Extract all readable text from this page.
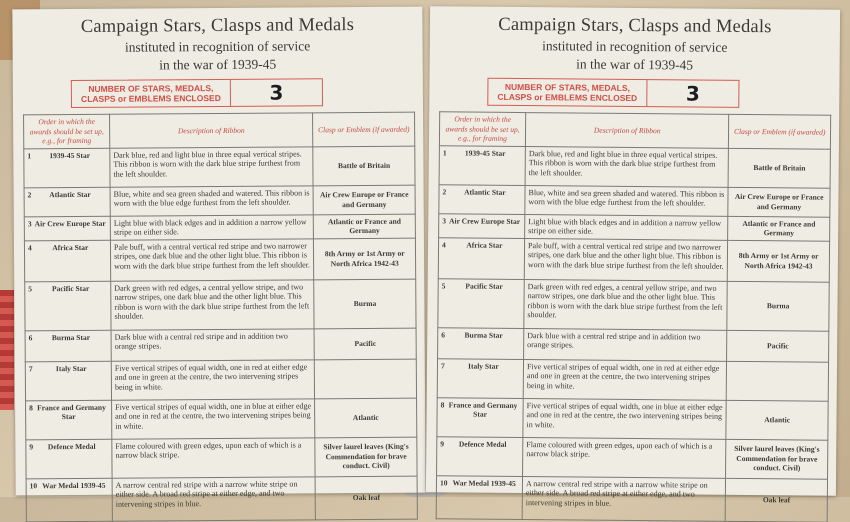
Campaign Stars, Clasps and Medals
instituted in recognition of service
in the war of 1939-45
NUMBER OF STARS, MEDALS, CLASPS or EMBLEMS ENCLOSED	3
Order in which the awards should be set up, e.g., for framing	Description of Ribbon	Clasp or Emblem (if awarded)

1 1939-45 Star	Dark blue, red and light blue in three equal vertical stripes. This ribbon is worn with the dark blue stripe furthest from the left shoulder.	Battle of Britain

2 Atlantic Star	Blue, white and sea green shaded and watered. This ribbon is worn with the blue edge furthest from the left shoulder.	Air Crew Europe or France and Germany

3 Air Crew Europe Star	Light blue with black edges and in addition a narrow yellow stripe on either side.	Atlantic or France and Germany

4 Africa Star	Pale buff, with a central vertical red stripe and two narrower stripes, one dark blue and the other light blue. This ribbon is worn with the dark blue stripe furthest from the left shoulder.	8th Army or 1st Army or North Africa 1942-43

5 Pacific Star	Dark green with red edges, a central yellow stripe, and two narrow stripes, one dark blue and the other light blue. This ribbon is worn with the dark blue stripe furthest from the left shoulder.	Burma

6 Burma Star	Dark blue with a central red stripe and in addition two orange stripes.	Pacific

7 Italy Star	Five vertical stripes of equal width, one in red at either edge and one in green at the centre, the two intervening stripes being in white.	

8 France and Germany Star	Five vertical stripes of equal width, one in blue at either edge and one in red at the centre, the two intervening stripes being in white.	Atlantic

9 Defence Medal	Flame coloured with green edges, upon each of which is a narrow black stripe.	Silver laurel leaves (King's Commendation for brave conduct. Civil)

10 War Medal 1939-45	A narrow central red stripe with a narrow white stripe on either side. A broad red stripe at either edge, and two intervening stripes in blue.	Oak leaf
Campaign Stars, Clasps and Medals
instituted in recognition of service
in the war of 1939-45
NUMBER OF STARS, MEDALS, CLASPS or EMBLEMS ENCLOSED	3
Order in which the awards should be set up, e.g., for framing	Description of Ribbon	Clasp or Emblem (if awarded)

1 1939-45 Star	Dark blue, red and light blue in three equal vertical stripes. This ribbon is worn with the dark blue stripe furthest from the left shoulder.	Battle of Britain

2 Atlantic Star	Blue, white and sea green shaded and watered. This ribbon is worn with the blue edge furthest from the left shoulder.	Air Crew Europe or France and Germany

3 Air Crew Europe Star	Light blue with black edges and in addition a narrow yellow stripe on either side.	Atlantic or France and Germany

4 Africa Star	Pale buff, with a central vertical red stripe and two narrower stripes, one dark blue and the other light blue. This ribbon is worn with the dark blue stripe furthest from the left shoulder.	8th Army or 1st Army or North Africa 1942-43

5 Pacific Star	Dark green with red edges, a central yellow stripe, and two narrow stripes, one dark blue and the other light blue. This ribbon is worn with the dark blue stripe furthest from the left shoulder.	Burma

6 Burma Star	Dark blue with a central red stripe and in addition two orange stripes.	Pacific

7 Italy Star	Five vertical stripes of equal width, one in red at either edge and one in green at the centre, the two intervening stripes being in white.	

8 France and Germany Star	Five vertical stripes of equal width, one in blue at either edge and one in red at the centre, the two intervening stripes being in white.	Atlantic

9 Defence Medal	Flame coloured with green edges, upon each of which is a narrow black stripe.	Silver laurel leaves (King's Commendation for brave conduct. Civil)

10 War Medal 1939-45	A narrow central red stripe with a narrow white stripe on either side. A broad red stripe at either edge, and two intervening stripes in blue.	Oak leaf
